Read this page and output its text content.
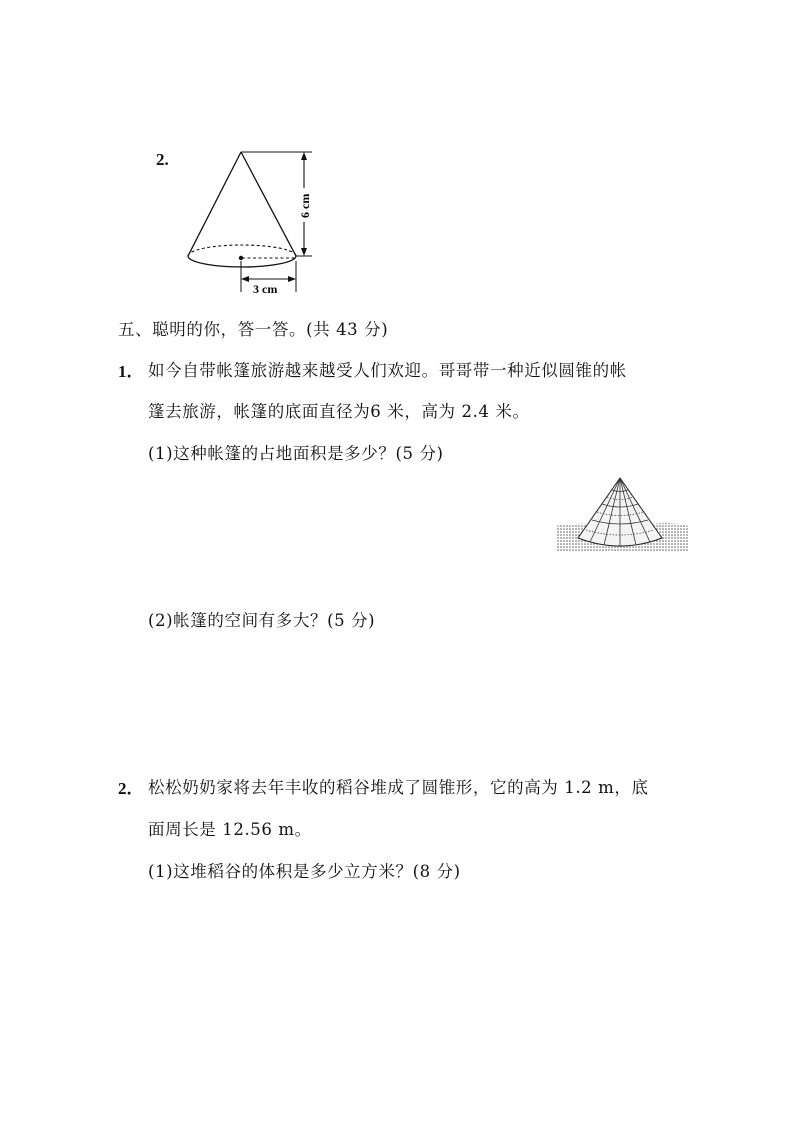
2.
6 cm
3 cm
五、聪明的你，答一答。(共 43 分)
1． 如今自带帐篷旅游越来越受人们欢迎。哥哥带一种近似圆锥的帐
篷去旅游，帐篷的底面直径为6 米，高为 2.4 米。
(1)这种帐篷的占地面积是多少？(5 分)
(2)帐篷的空间有多大？(5 分)
2． 松松奶奶家将去年丰收的稻谷堆成了圆锥形，它的高为 1.2 m，底
面周长是 12.56 m。
(1)这堆稻谷的体积是多少立方米？(8 分)
